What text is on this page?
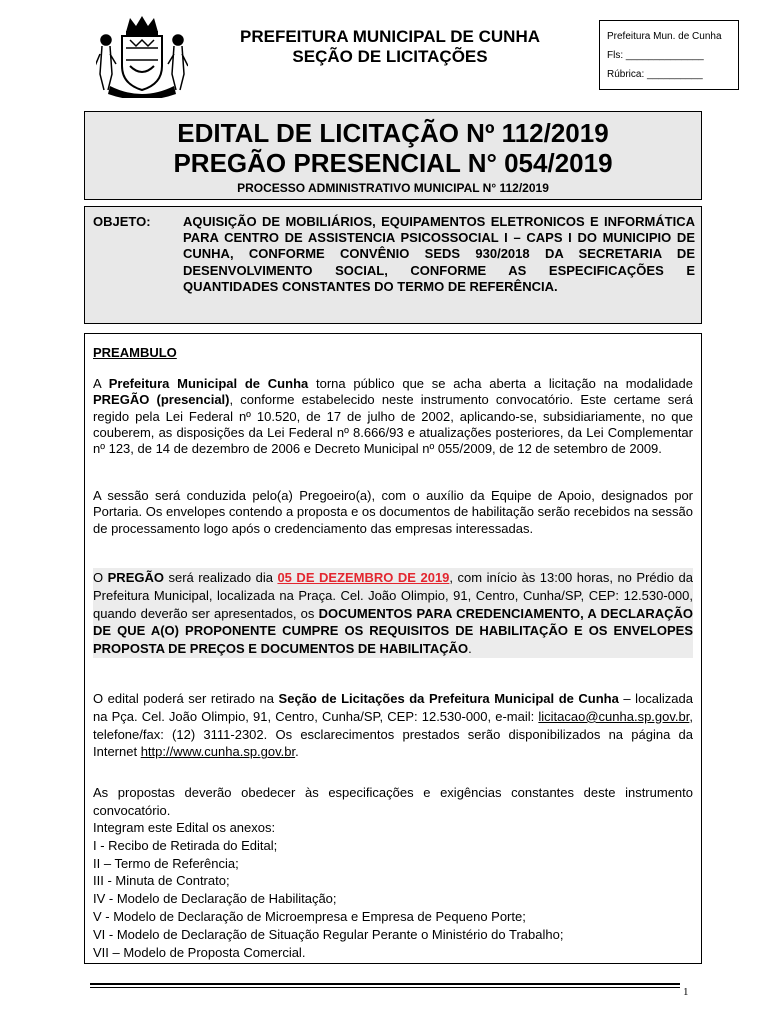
PREFEITURA MUNICIPAL DE CUNHA
SEÇÃO DE LICITAÇÕES
Prefeitura Mun. de Cunha
Fls: ______________
Rúbrica: __________
EDITAL DE LICITAÇÃO Nº 112/2019
PREGÃO PRESENCIAL N° 054/2019
PROCESSO ADMINISTRATIVO MUNICIPAL N° 112/2019
OBJETO: AQUISIÇÃO DE MOBILIÁRIOS, EQUIPAMENTOS ELETRONICOS E INFORMÁTICA PARA CENTRO DE ASSISTENCIA PSICOSSOCIAL I – CAPS I DO MUNICIPIO DE CUNHA, CONFORME CONVÊNIO SEDS 930/2018 DA SECRETARIA DE DESENVOLVIMENTO SOCIAL, CONFORME AS ESPECIFICAÇÕES E QUANTIDADES CONSTANTES DO TERMO DE REFERÊNCIA.
PREAMBULO
A Prefeitura Municipal de Cunha torna público que se acha aberta a licitação na modalidade PREGÃO (presencial), conforme estabelecido neste instrumento convocatório. Este certame será regido pela Lei Federal nº 10.520, de 17 de julho de 2002, aplicando-se, subsidiariamente, no que couberem, as disposições da Lei Federal nº 8.666/93 e atualizações posteriores, da Lei Complementar nº 123, de 14 de dezembro de 2006 e Decreto Municipal nº 055/2009, de 12 de setembro de 2009.
A sessão será conduzida pelo(a) Pregoeiro(a), com o auxílio da Equipe de Apoio, designados por Portaria. Os envelopes contendo a proposta e os documentos de habilitação serão recebidos na sessão de processamento logo após o credenciamento das empresas interessadas.
O PREGÃO será realizado dia 05 DE DEZEMBRO DE 2019, com início às 13:00 horas, no Prédio da Prefeitura Municipal, localizada na Praça. Cel. João Olimpio, 91, Centro, Cunha/SP, CEP: 12.530-000, quando deverão ser apresentados, os DOCUMENTOS PARA CREDENCIAMENTO, A DECLARAÇÃO DE QUE A(O) PROPONENTE CUMPRE OS REQUISITOS DE HABILITAÇÃO E OS ENVELOPES PROPOSTA DE PREÇOS E DOCUMENTOS DE HABILITAÇÃO.
O edital poderá ser retirado na Seção de Licitações da Prefeitura Municipal de Cunha – localizada na Pça. Cel. João Olimpio, 91, Centro, Cunha/SP, CEP: 12.530-000, e-mail: licitacao@cunha.sp.gov.br, telefone/fax: (12) 3111-2302. Os esclarecimentos prestados serão disponibilizados na página da Internet http://www.cunha.sp.gov.br.
As propostas deverão obedecer às especificações e exigências constantes deste instrumento convocatório.
Integram este Edital os anexos:
I - Recibo de Retirada do Edital;
II – Termo de Referência;
III - Minuta de Contrato;
IV - Modelo de Declaração de Habilitação;
V - Modelo de Declaração de Microempresa e Empresa de Pequeno Porte;
VI - Modelo de Declaração de Situação Regular Perante o Ministério do Trabalho;
VII – Modelo de Proposta Comercial.
1
